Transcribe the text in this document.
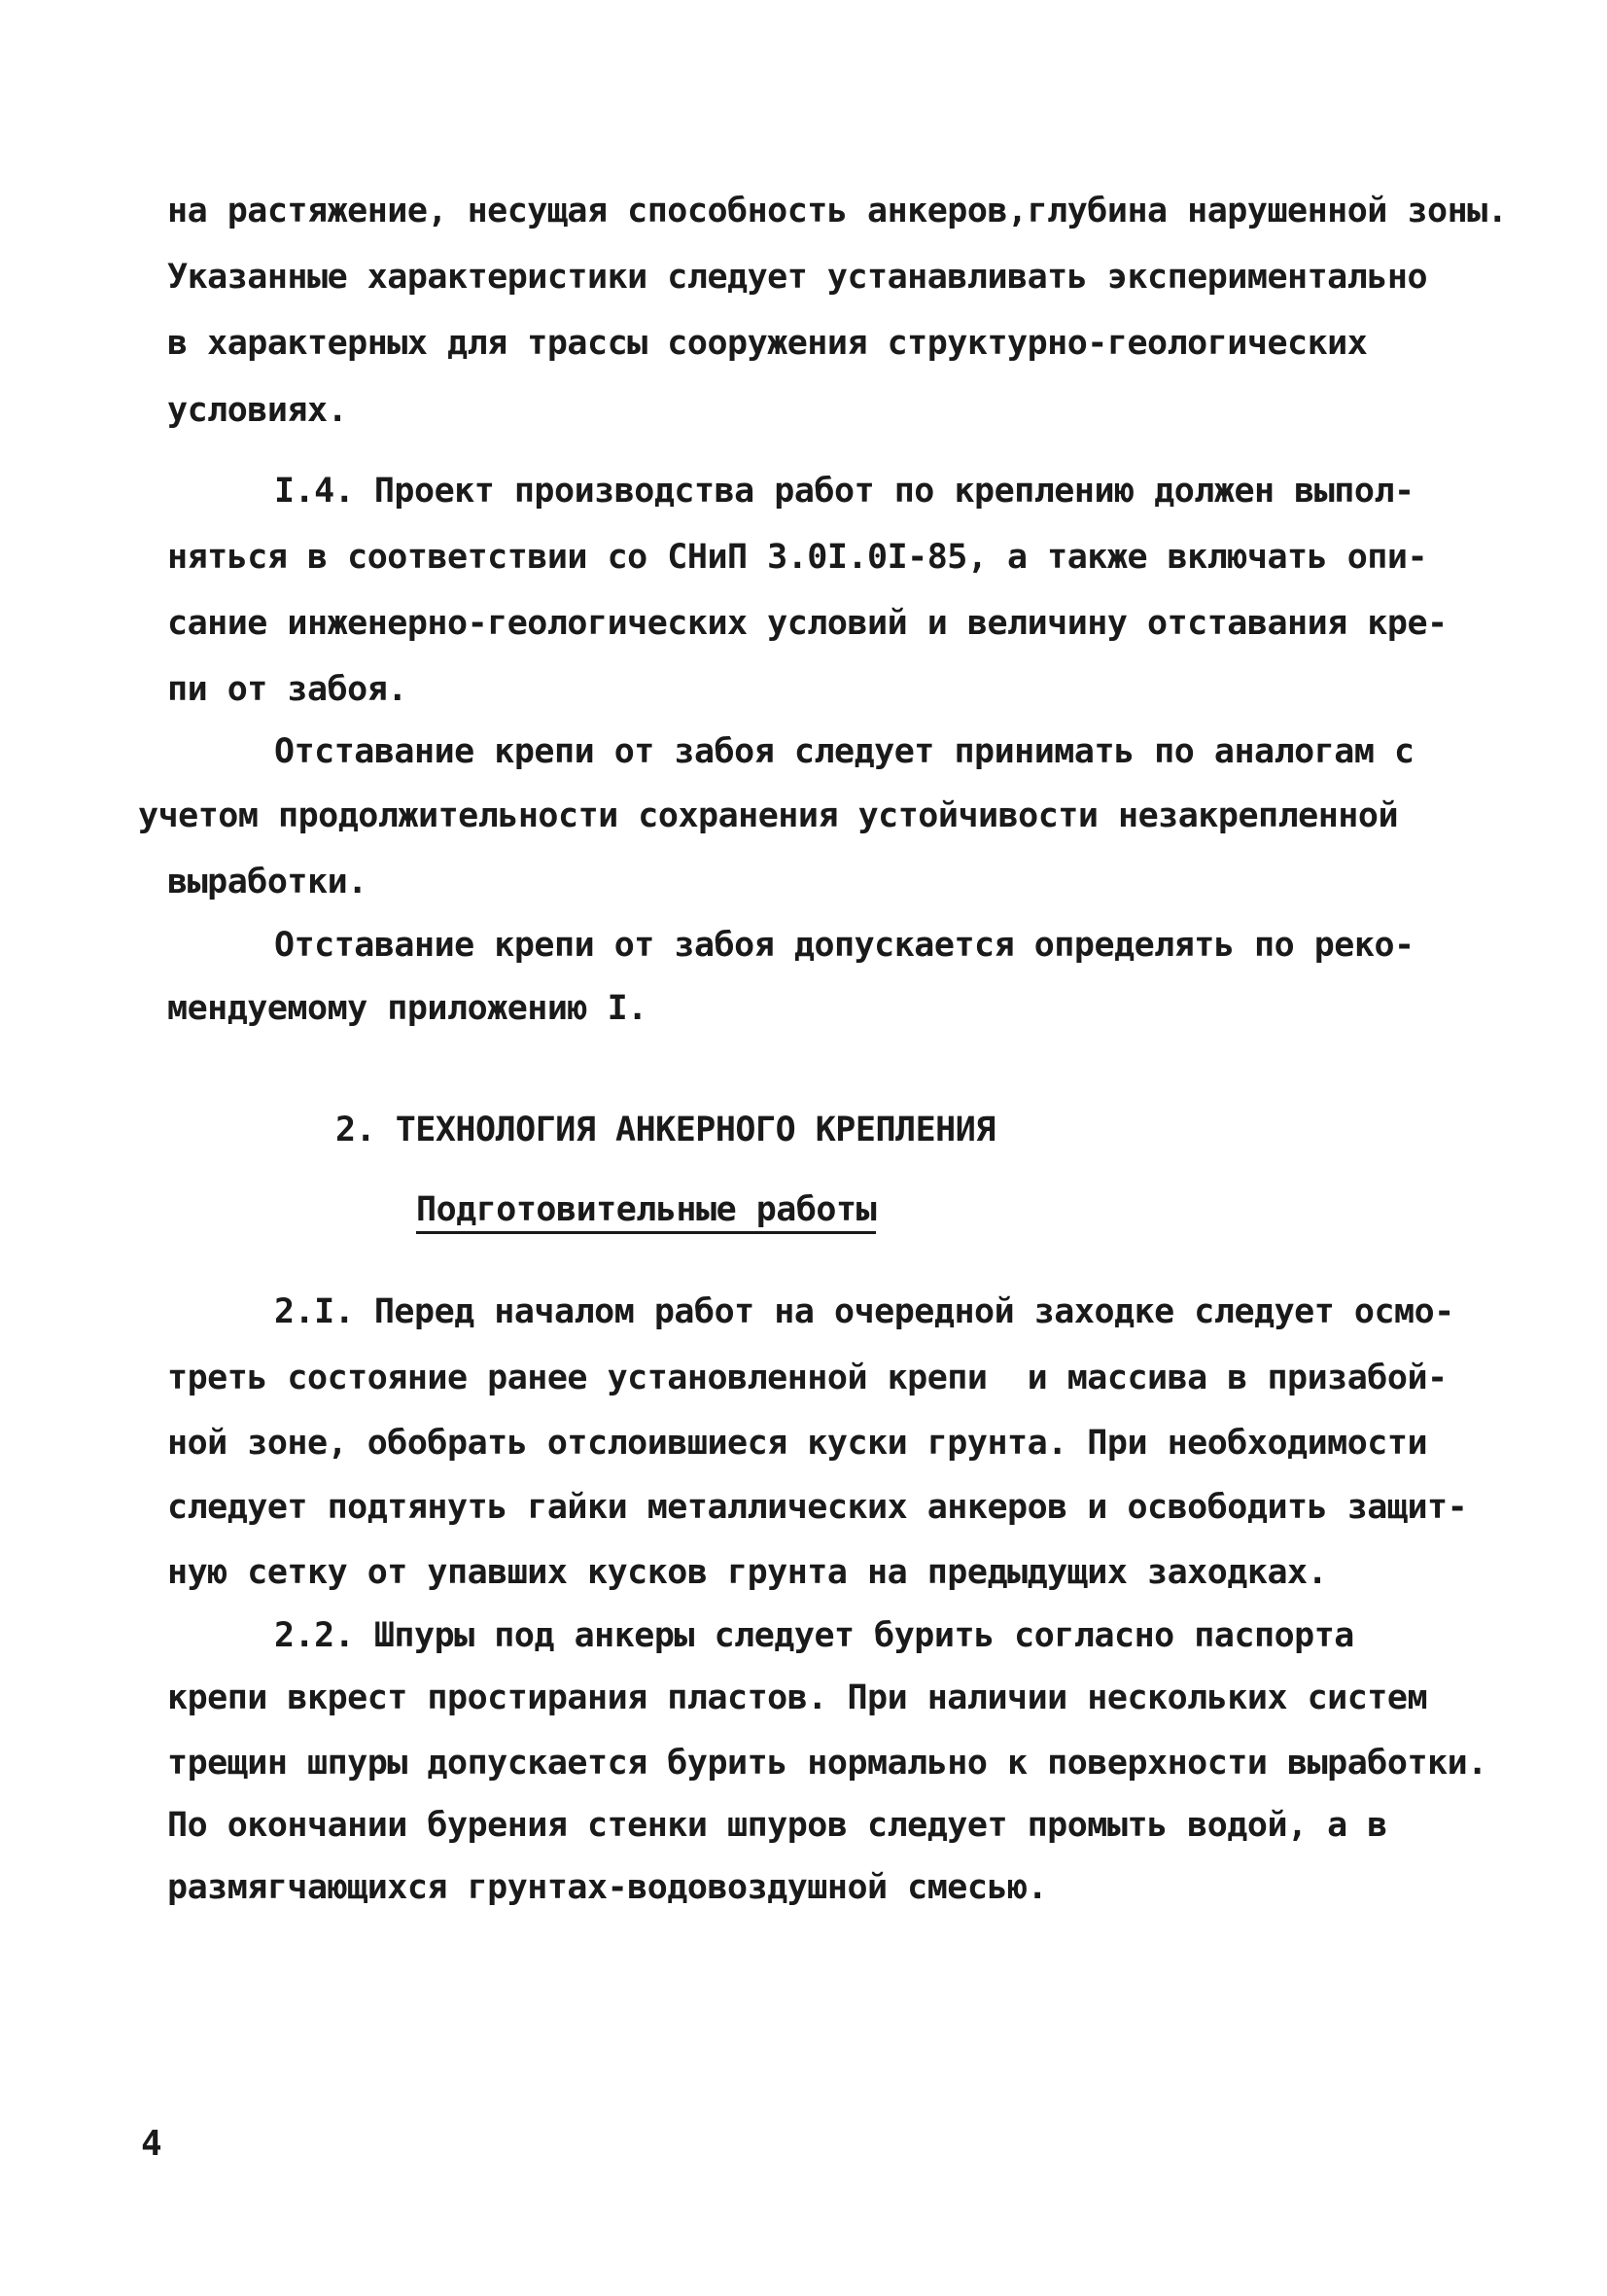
на растяжение, несущая способность анкеров,глубина нарушенной зоны.
Указанные характеристики следует устанавливать экспериментально
в характерных для трассы сооружения структурно-геологических
условиях.
I.4. Проект производства работ по креплению должен выпол-
няться в соответствии со СНиП 3.0I.0I-85, а также включать опи-
сание инженерно-геологических условий и величину отставания кре-
пи от забоя.
Отставание крепи от забоя следует принимать по аналогам с
учетом продолжительности сохранения устойчивости незакрепленной
выработки.
Отставание крепи от забоя допускается определять по реко-
мендуемому приложению I.
2. ТЕХНОЛОГИЯ АНКЕРНОГО КРЕПЛЕНИЯ
Подготовительные работы
2.I. Перед началом работ на очередной заходке следует осмо-
треть состояние ранее установленной крепи  и массива в призабой-
ной зоне, обобрать отслоившиеся куски грунта. При необходимости
следует подтянуть гайки металлических анкеров и освободить защит-
ную сетку от упавших кусков грунта на предыдущих заходках.
2.2. Шпуры под анкеры следует бурить согласно паспорта
крепи вкрест простирания пластов. При наличии нескольких систем
трещин шпуры допускается бурить нормально к поверхности выработки.
По окончании бурения стенки шпуров следует промыть водой, а в
размягчающихся грунтах-водовоздушной смесью.
4
